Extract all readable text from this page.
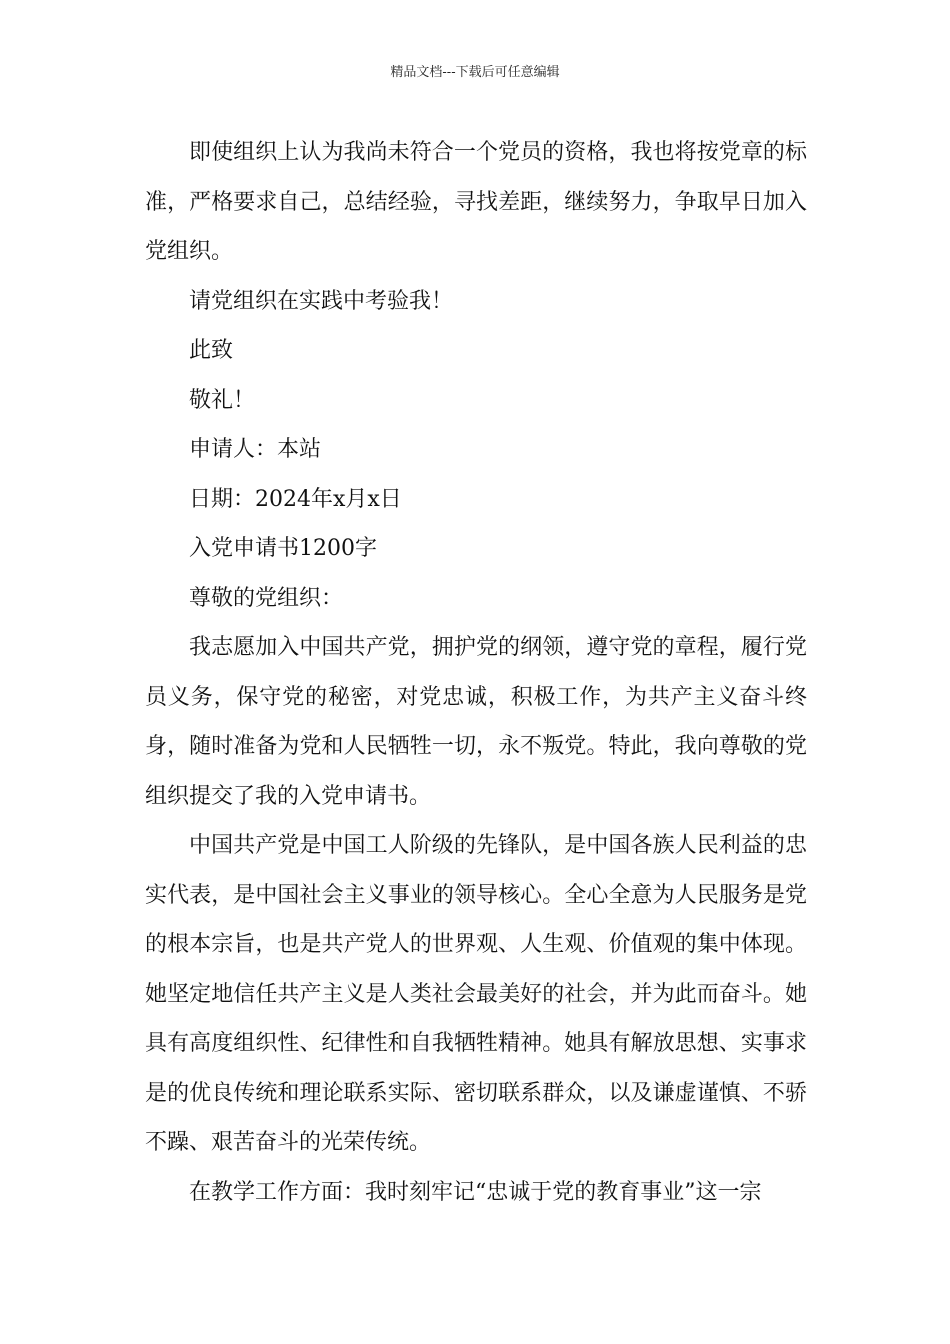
精品文档---下载后可任意编辑

即使组织上认为我尚未符合一个党员的资格，我也将按党章的标准，严格要求自己，总结经验，寻找差距，继续努力，争取早日加入党组织。

请党组织在实践中考验我！

此致

敬礼！

申请人：本站

日期：2024年x月x日

入党申请书1200字

尊敬的党组织：

我志愿加入中国共产党，拥护党的纲领，遵守党的章程，履行党员义务，保守党的秘密，对党忠诚，积极工作，为共产主义奋斗终身，随时准备为党和人民牺牲一切，永不叛党。特此，我向尊敬的党组织提交了我的入党申请书。

中国共产党是中国工人阶级的先锋队，是中国各族人民利益的忠实代表，是中国社会主义事业的领导核心。全心全意为人民服务是党的根本宗旨，也是共产党人的世界观、人生观、价值观的集中体现。她坚定地信任共产主义是人类社会最美好的社会，并为此而奋斗。她具有高度组织性、纪律性和自我牺牲精神。她具有解放思想、实事求是的优良传统和理论联系实际、密切联系群众，以及谦虚谨慎、不骄不躁、艰苦奋斗的光荣传统。

在教学工作方面：我时刻牢记“忠诚于党的教育事业”这一宗
